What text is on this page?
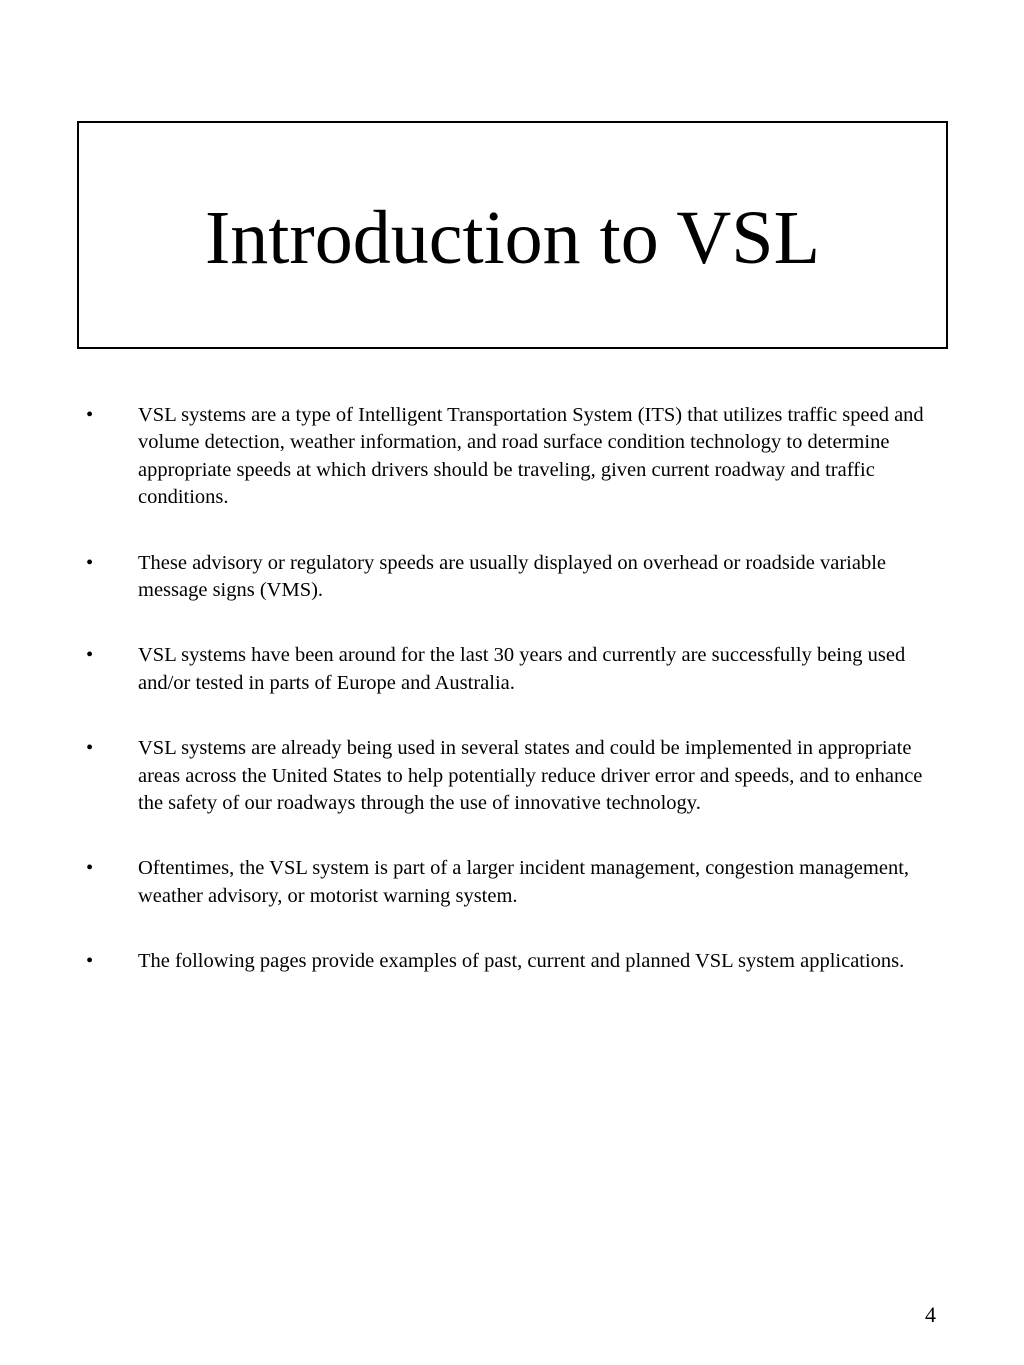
Introduction to VSL
•	VSL systems are a type of Intelligent Transportation System (ITS) that utilizes traffic speed and volume detection, weather information, and road surface condition technology to determine appropriate speeds at which drivers should be traveling, given current roadway and traffic conditions.
•	These advisory or regulatory speeds are usually displayed on overhead or roadside variable message signs (VMS).
•	VSL systems have been around for the last 30 years and currently are successfully being used and/or tested in parts of Europe and Australia.
•	VSL systems are already being used in several states and could be implemented in appropriate areas across the United States to help potentially reduce driver error and speeds, and to enhance the safety of our roadways through the use of innovative technology.
•	Oftentimes, the VSL system is part of a larger incident management, congestion management, weather advisory, or motorist warning system.
•	The following pages provide examples of past, current and planned VSL system applications.
4
